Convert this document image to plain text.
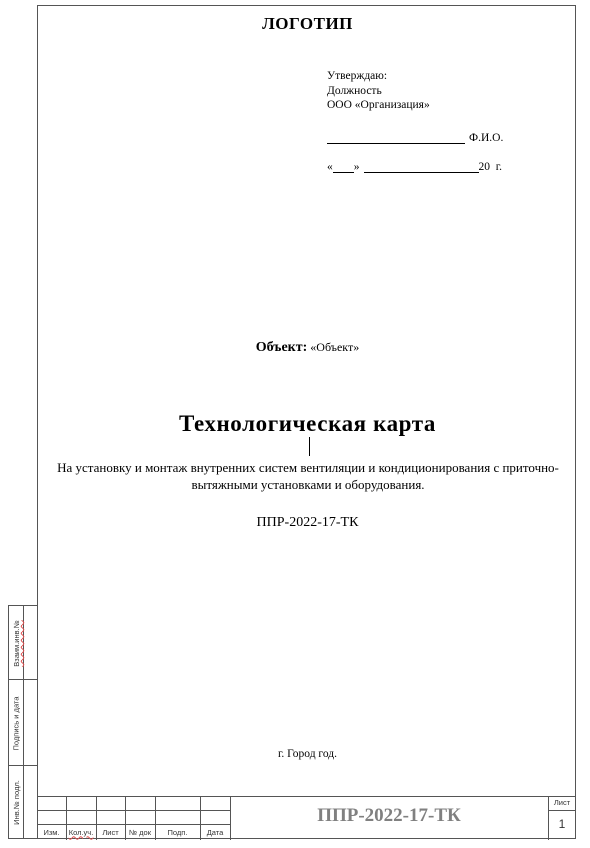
ЛОГОТИП
Утверждаю:
Должность
ООО «Организация»
Ф.И.О.
« »	20 г.
Объект: «Объект»
Технологическая карта
На установку и монтаж внутренних систем вентиляции и кондиционирования с приточно-вытяжными установками и оборудования.
ППР-2022-17-ТК
г. Город год.
Взаим.инв.№
Подпись и дата
Инв.№ подл.
Изм. Кол.уч. Лист № док Подп.	Дата
ППР-2022-17-ТК
Лист
1
